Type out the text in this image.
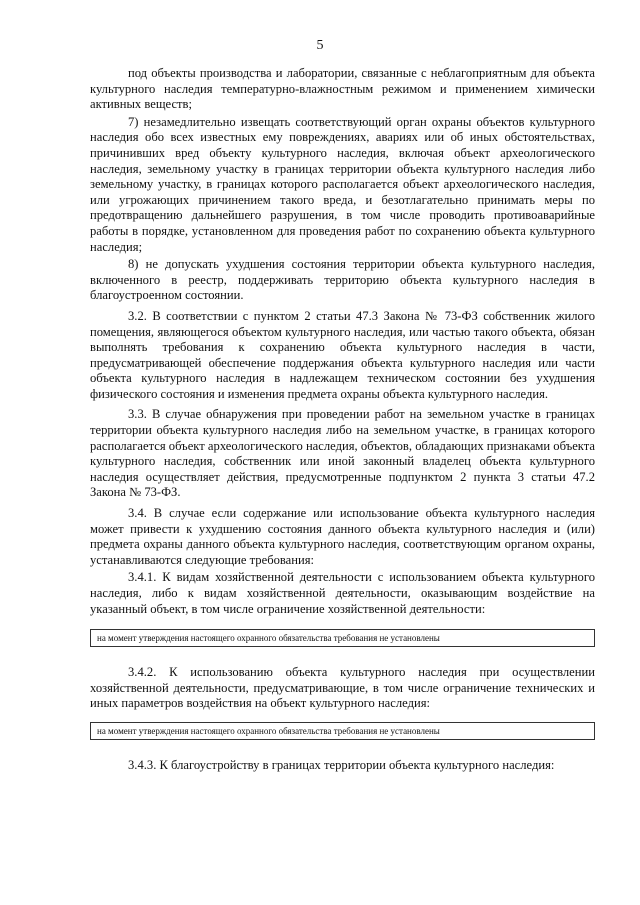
5

под объекты производства и лаборатории, связанные с неблагоприятным для объекта культурного наследия температурно-влажностным режимом и применением химически активных веществ;

7) незамедлительно извещать соответствующий орган охраны объектов культурного наследия обо всех известных ему повреждениях, авариях или об иных обстоятельствах, причинивших вред объекту культурного наследия, включая объект археологического наследия, земельному участку в границах территории объекта культурного наследия либо земельному участку, в границах которого располагается объект археологического наследия, или угрожающих причинением такого вреда, и безотлагательно принимать меры по предотвращению дальнейшего разрушения, в том числе проводить противоаварийные работы в порядке, установленном для проведения работ по сохранению объекта культурного наследия;

8) не допускать ухудшения состояния территории объекта культурного наследия, включенного в реестр, поддерживать территорию объекта культурного наследия в благоустроенном состоянии.

3.2. В соответствии с пунктом 2 статьи 47.3 Закона № 73-ФЗ собственник жилого помещения, являющегося объектом культурного наследия, или частью такого объекта, обязан выполнять требования к сохранению объекта культурного наследия в части, предусматривающей обеспечение поддержания объекта культурного наследия или части объекта культурного наследия в надлежащем техническом состоянии без ухудшения физического состояния и изменения предмета охраны объекта культурного наследия.

3.3. В случае обнаружения при проведении работ на земельном участке в границах территории объекта культурного наследия либо на земельном участке, в границах которого располагается объект археологического наследия, объектов, обладающих признаками объекта культурного наследия, собственник или иной законный владелец объекта культурного наследия осуществляет действия, предусмотренные подпунктом 2 пункта 3 статьи 47.2 Закона № 73-ФЗ.

3.4. В случае если содержание или использование объекта культурного наследия может привести к ухудшению состояния данного объекта культурного наследия и (или) предмета охраны данного объекта культурного наследия, соответствующим органом охраны, устанавливаются следующие требования:

3.4.1. К видам хозяйственной деятельности с использованием объекта культурного наследия, либо к видам хозяйственной деятельности, оказывающим воздействие на указанный объект, в том числе ограничение хозяйственной деятельности:

на момент утверждения настоящего охранного обязательства требования не установлены

3.4.2. К использованию объекта культурного наследия при осуществлении хозяйственной деятельности, предусматривающие, в том числе ограничение технических и иных параметров воздействия на объект культурного наследия:

на момент утверждения настоящего охранного обязательства требования не установлены

3.4.3. К благоустройству в границах территории объекта культурного наследия:
